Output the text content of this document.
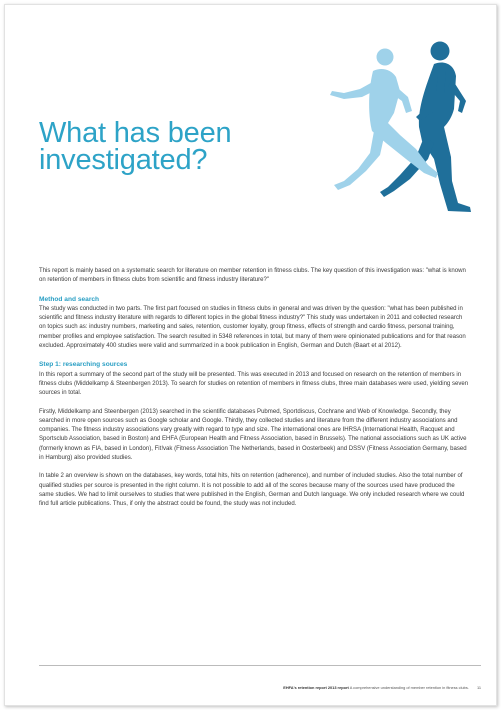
What has been
investigated?

This report is mainly based on a systematic search for literature on member retention in fitness clubs. The key question of this investigation was: "what is known on retention of members in fitness clubs from scientific and fitness industry literature?"

Method and search

The study was conducted in two parts. The first part focused on studies in fitness clubs in general and was driven by the question: "what has been published in scientific and fitness industry literature with regards to different topics in the global fitness industry?" This study was undertaken in 2011 and collected research on topics such as: industry numbers, marketing and sales, retention, customer loyalty, group fitness, effects of strength and cardio fitness, personal training, member profiles and employee satisfaction. The search resulted in 5348 references in total, but many of them were opinionated publications and for that reason excluded. Approximately 400 studies were valid and summarized in a book publication in English, German and Dutch (Baart et al 2012).

Step 1: researching sources

In this report a summary of the second part of the study will be presented. This was executed in 2013 and focused on research on the retention of members in fitness clubs (Middelkamp & Steenbergen 2013). To search for studies on retention of members in fitness clubs, three main databases were used, yielding seven sources in total.

Firstly, Middelkamp and Steenbergen (2013) searched in the scientific databases Pubmed, Sportdiscus, Cochrane and Web of Knowledge. Secondly, they searched in more open sources such as Google scholar and Google. Thirdly, they collected studies and literature from the different industry associations and companies. The fitness industry associations vary greatly with regard to type and size. The international ones are IHRSA (International Health, Racquet and Sportsclub Association, based in Boston) and EHFA (European Health and Fitness Association, based in Brussels). The national associations such as UK active (formerly known as FIA, based in London), Fit!vak (Fitness Association The Netherlands, based in Oosterbeek) and DSSV (Fitness Association Germany, based in Hamburg) also provided studies.

In table 2 an overview is shown on the databases, key words, total hits, hits on retention (adherence), and number of included studies. Also the total number of qualified studies per source is presented in the right column. It is not possible to add all of the scores because many of the sources used have produced the same studies. We had to limit ourselves to studies that were published in the English, German and Dutch language. We only included research where we could find full article publications. Thus, if only the abstract could be found, the study was not included.

EHFA's retention report 2013 report A comprehensive understanding of member retention in fitness clubs. 11
